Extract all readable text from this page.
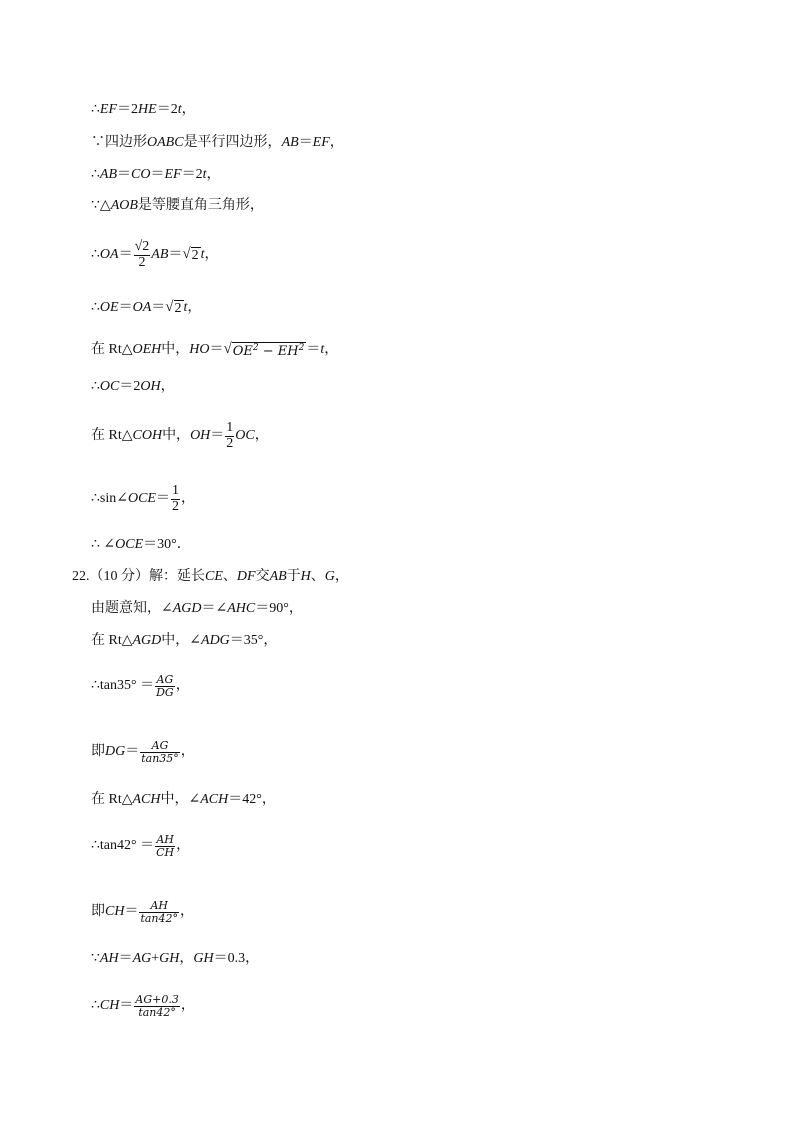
∴ EF ＝2 HE ＝2 t ，
∵四边形 OABC 是平行四边形， AB ＝ EF ，
∴ AB ＝ CO ＝ EF ＝2 t ，
∵△ AOB 是等腰直角三角形，
∴ OA ＝ $\frac{√2}{2}$ AB ＝ √ 2 t ，
∴ OE ＝ OA ＝ √ 2 t ，
在 Rt△ OEH 中， HO ＝ √ $OE^2 - EH^2 = t$ ，
∴ OC ＝2 OH ，
在 Rt△ COH 中， OH ＝ $\frac{1}{2}$ OC ，
∴sin∠ OCE ＝ $\frac{1}{2}$ ，
∴ ∠ OCE ＝30°．
22. （10 分）解：延长 CE 、 DF 交 AB 于 H 、 G ，
由题意知，∠ AGD ＝∠ AHC ＝90°，
在 Rt△ AGD 中，∠ ADG ＝35°，
∴tan35° ＝ $\frac{AG}{DG}$ ，
即 DG ＝ $\frac{AG}{\tan 35^\circ}$ ，
在 Rt△ ACH 中，∠ ACH ＝42°，
∴tan42° ＝ $\frac{AH}{CH}$ ，
即 CH ＝ $\frac{AH}{\tan 42^\circ}$ ，
∵ AH ＝ AG + GH ， GH ＝0.3，
∴ CH ＝ $\frac{AG+0.3}{\tan 42^\circ}$ ，
